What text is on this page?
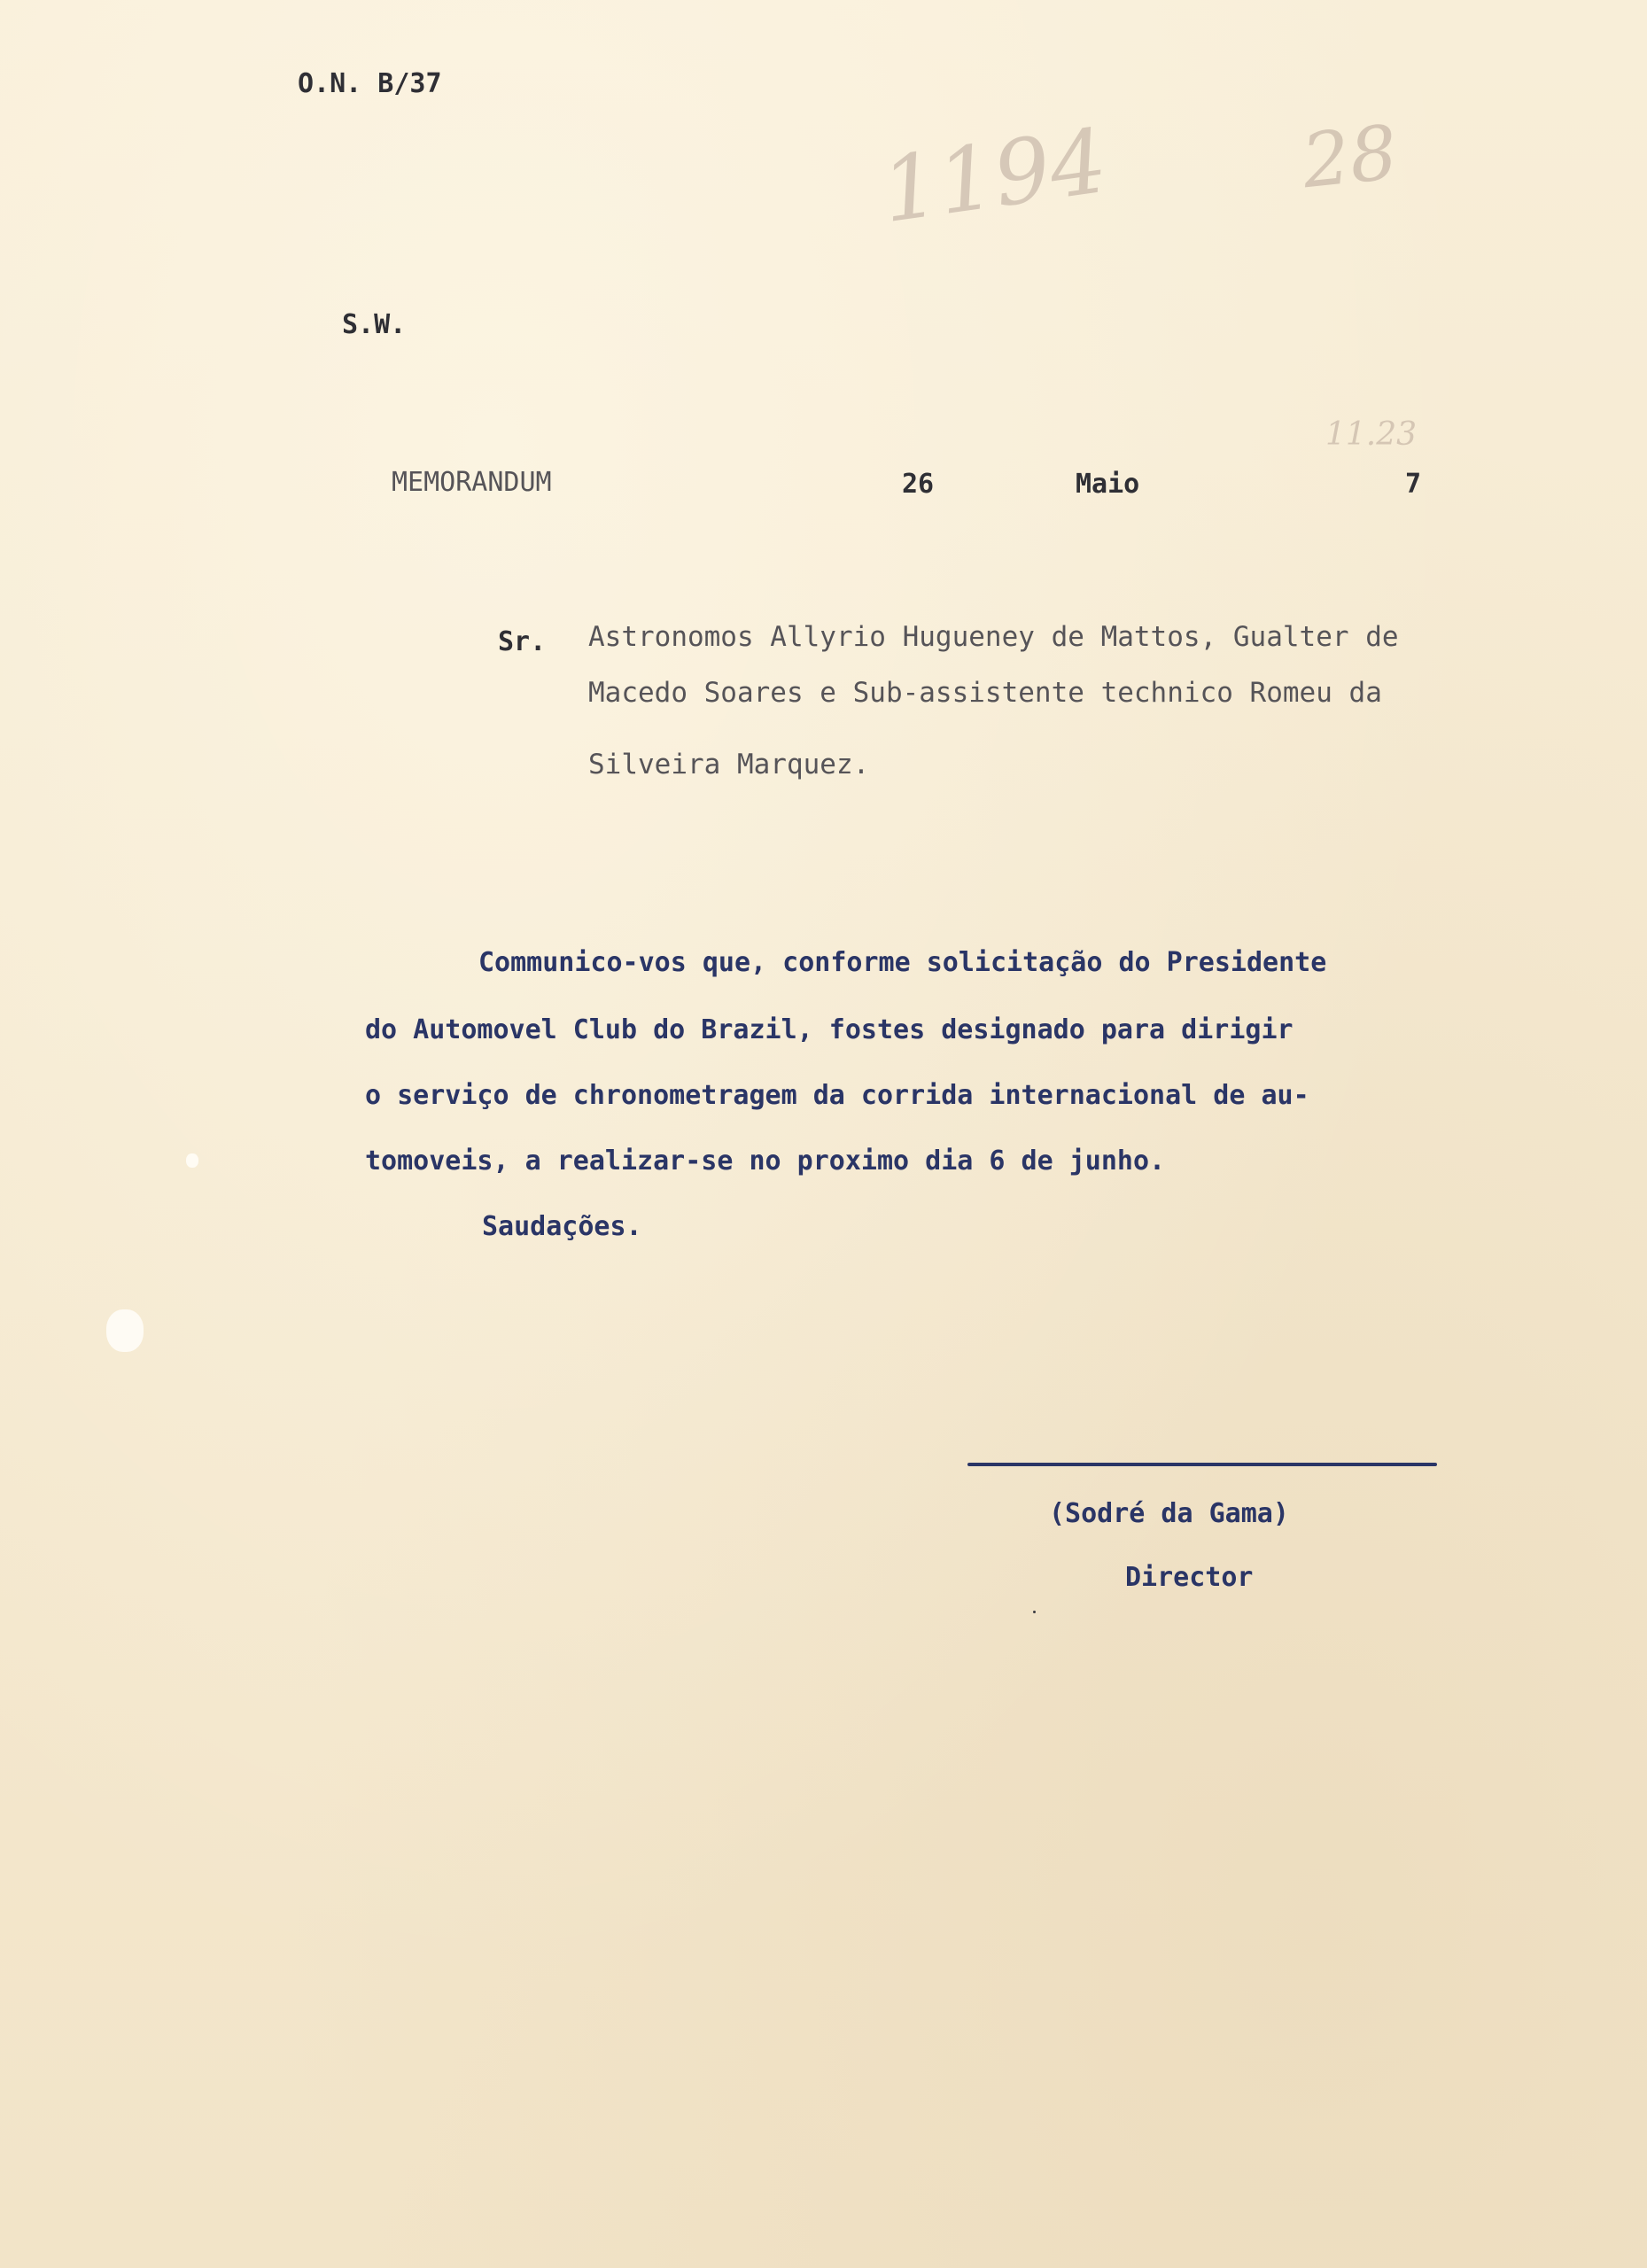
1194 28
11.23
O.N. B/37
S.W.
MEMORANDUM	26	Maio	7
Sr. Astronomos Allyrio Hugueney de Mattos, Gualter de
Macedo Soares e Sub-assistente technico Romeu da
Silveira Marquez.
Communico-vos que, conforme solicitação do Presidente
do Automovel Club do Brazil, fostes designado para dirigir
o serviço de chronometragem da corrida internacional de au-
tomoveis, a realizar-se no proximo dia 6 de junho.
Saudações.
(Sodré da Gama)
Director
